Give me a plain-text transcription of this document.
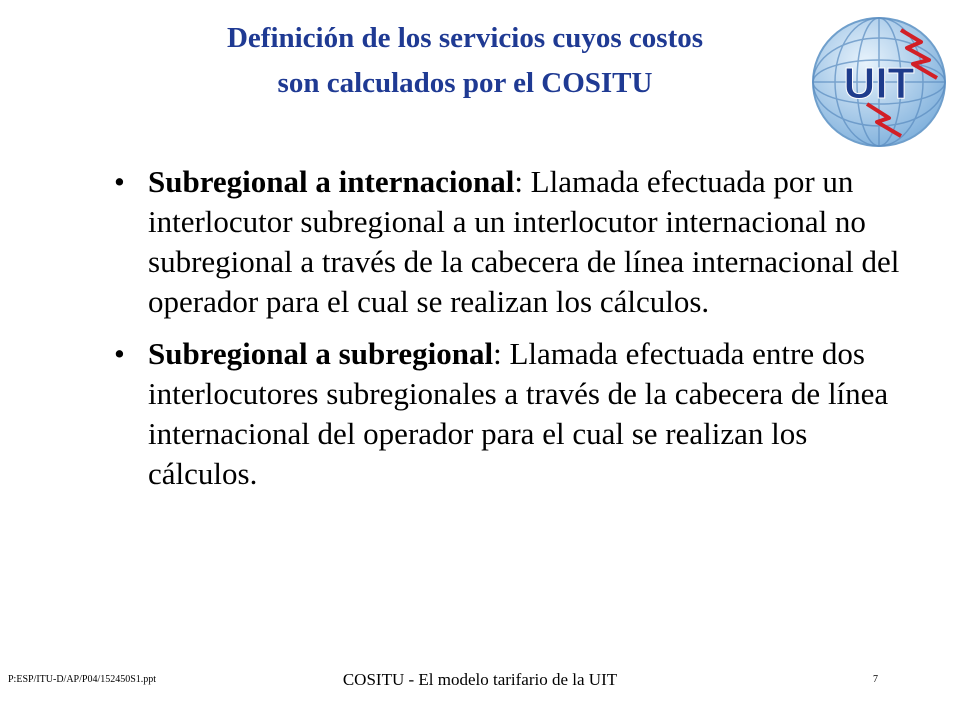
Definición de los servicios cuyos costos
son calculados por el COSITU	UIT
• Subregional a internacional: Llamada efectuada por un interlocutor subregional a un interlocutor internacional no subregional a través de la cabecera de línea internacional del operador para el cual se realizan los cálculos.
• Subregional a subregional: Llamada efectuada entre dos interlocutores subregionales a través de la cabecera de línea internacional del operador para el cual se realizan los cálculos.
P:ESP/ITU-D/AP/P04/152450S1.ppt	COSITU - El modelo tarifario de la UIT	7
